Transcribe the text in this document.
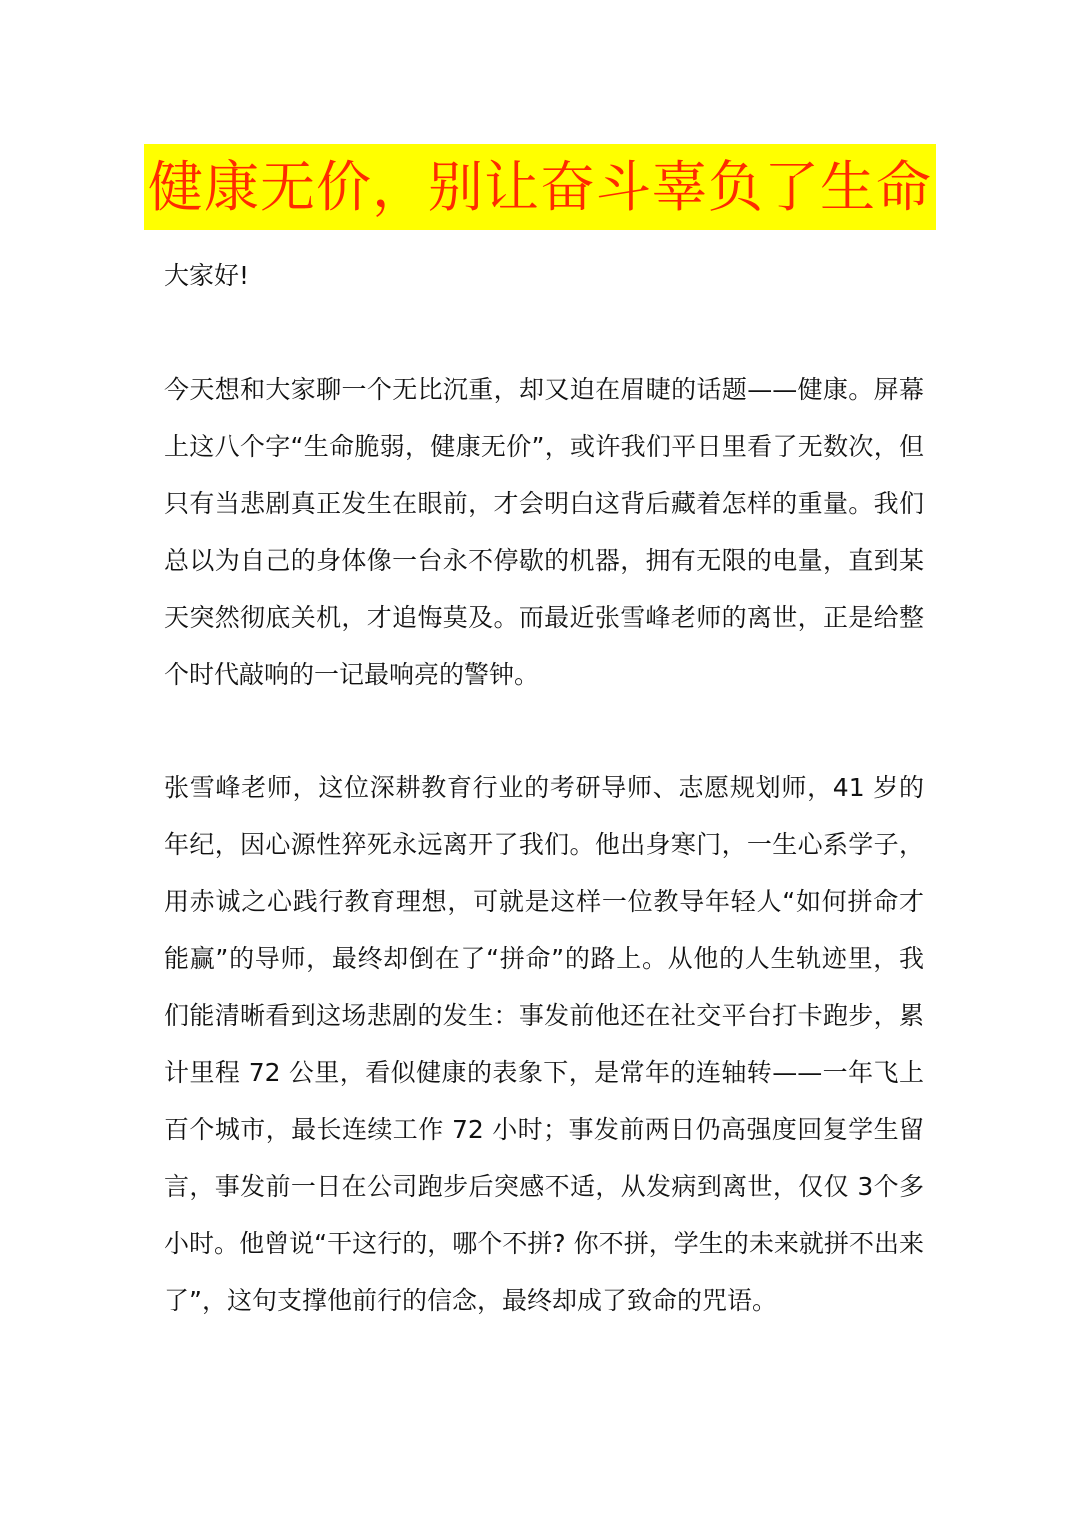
健康无价，别让奋斗辜负了生命
大家好!

今天想和大家聊一个无比沉重，却又迫在眉睫的话题——健康。屏幕上这八个字“生命脆弱，健康无价”，或许我们平日里看了无数次，但只有当悲剧真正发生在眼前，才会明白这背后藏着怎样的重量。我们总以为自己的身体像一台永不停歇的机器，拥有无限的电量，直到某天突然彻底关机，才追悔莫及。而最近张雪峰老师的离世，正是给整个时代敲响的一记最响亮的警钟。

张雪峰老师，这位深耕教育行业的考研导师、志愿规划师，41 岁的年纪，因心源性猝死永远离开了我们。他出身寒门，一生心系学子，用赤诚之心践行教育理想，可就是这样一位教导年轻人“如何拼命才能赢”的导师，最终却倒在了“拼命”的路上。从他的人生轨迹里，我们能清晰看到这场悲剧的发生：事发前他还在社交平台打卡跑步，累计里程 72 公里，看似健康的表象下，是常年的连轴转——一年飞上百个城市，最长连续工作 72 小时；事发前两日仍高强度回复学生留言，事发前一日在公司跑步后突感不适，从发病到离世，仅仅 3个多小时。他曾说“干这行的，哪个不拼? 你不拼，学生的未来就拼不出来了”，这句支撑他前行的信念，最终却成了致命的咒语。
